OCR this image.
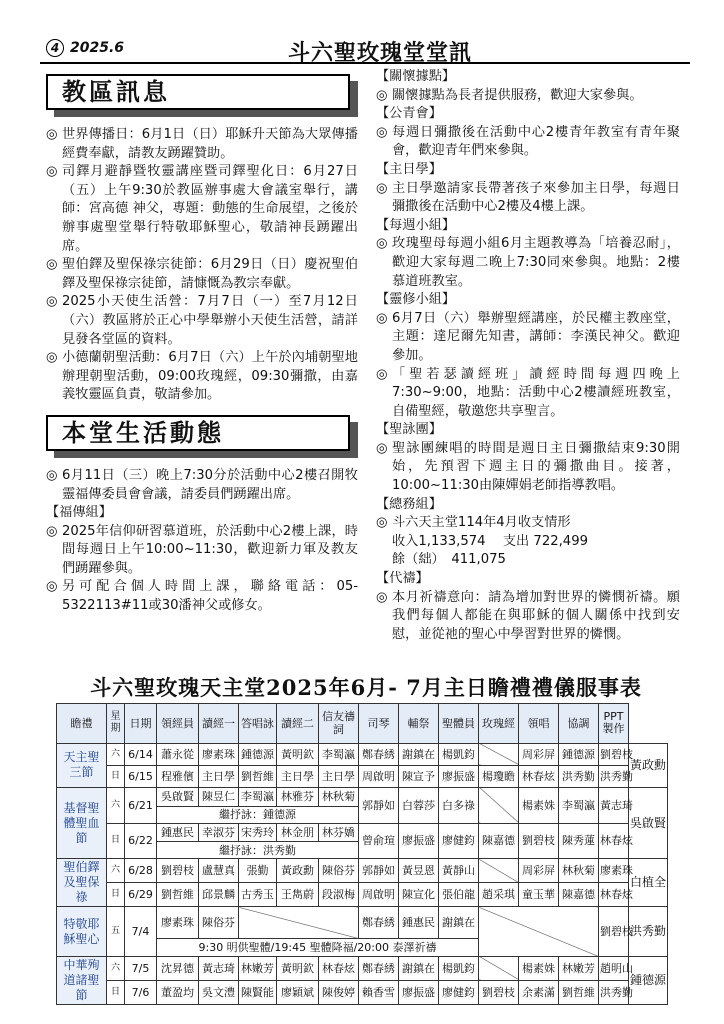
4 2025.6	斗六聖玫瑰堂堂訊
教區訊息
◎ 世界傳播日：6月1日（日）耶穌升天節為大眾傳播經費奉獻，請教友踴躍贊助。
◎ 司鐸月避靜暨牧靈講座暨司鐸聖化日：6月27日（五）上午9:30於教區辦事處大會議室舉行，講師：宮高德 神父，專題：動態的生命展望，之後於辦事處聖堂舉行特敬耶穌聖心，敬請神長踴躍出席。
◎ 聖伯鐸及聖保祿宗徒節：6月29日（日）慶祝聖伯鐸及聖保祿宗徒節，請慷慨為教宗奉獻。
◎ 2025小天使生活營：7月7日（一）至7月12日（六）教區將於正心中學舉辦小天使生活營，請詳見發各堂區的資料。
◎ 小德蘭朝聖活動：6月7日（六）上午於內埔朝聖地辦理朝聖活動，09:00玫瑰經，09:30彌撒，由嘉義牧靈區負責，敬請參加。
本堂生活動態
◎ 6月11日（三）晚上7:30分於活動中心2樓召開牧靈福傳委員會會議，請委員們踴躍出席。
【福傳組】
◎ 2025年信仰研習慕道班，於活動中心2樓上課，時間每週日上午10:00~11:30，歡迎新力軍及教友們踴躍參與。
◎ 另可配合個人時間上課，聯絡電話：05-5322113#11或30潘神父或修女。
【關懷據點】
◎ 關懷據點為長者提供服務，歡迎大家參與。
【公青會】
◎ 每週日彌撒後在活動中心2樓青年教室有青年聚會，歡迎青年們來參與。
【主日學】
◎ 主日學邀請家長帶著孩子來參加主日學，每週日彌撒後在活動中心2樓及4樓上課。
【每週小組】
◎ 玫瑰聖母每週小組6月主題教導為「培養忍耐」，歡迎大家每週二晚上7:30同來參與。地點：2樓慕道班教室。
【靈修小組】
◎ 6月7日（六）舉辦聖經講座，於民權主教座堂，主題：達尼爾先知書，講師：李漢民神父。歡迎參加。
◎ 「聖若瑟讀經班」讀經時間每週四晚上7:30~9:00，地點：活動中心2樓讀經班教室，自備聖經，敬邀您共享聖言。
【聖詠團】
◎ 聖詠團練唱的時間是週日主日彌撒結束9:30開始，先預習下週主日的彌撒曲目。接著，10:00~11:30由陳嬋娟老師指導教唱。
【總務組】
◎ 斗六天主堂114年4月收支情形
收入1,133,574　 支出 722,499
餘（絀）　411,075
【代禱】
◎ 本月祈禱意向：請為增加對世界的憐憫祈禱。願我們每個人都能在與耶穌的個人關係中找到安慰，並從祂的聖心中學習對世界的憐憫。
斗六聖玫瑰天主堂2025年6月- 7月主日瞻禮禮儀服事表
瞻禮	星期	日期	領經員	讀經一	答唱詠	讀經二	信友禱詞	司琴	輔祭	聖體員	玫瑰經	領唱	協調	PPT製作	
天主聖三節	六	6/14	蕭永從	廖素珠	鍾德源	黃明欽	李蜀瀛	鄭春綉	謝鎮在	楊凱鈞		周彩屏	鍾德源	劉碧枝	黃政勳
	日	6/15	程雅儐	主日學	劉哲維	主日學	主日學	周啟明	陳宣予	廖振盛	楊瓊瞻	林春炫	洪秀勤	洪秀勤	
基督聖體聖血節	六	6/21	吳啟賢	陳昱仁	李蜀瀛	林雅芬	林秋菊	郭靜如	白蓉莎	白多祿		楊素姝	李蜀瀛	黃志琦	吳啟賢
			繼抒詠：鍾德源												
	日	6/22	鍾惠民	幸淑芬	宋秀玲	林金朋	林芬嬌	曾俞瑄	廖振盛	廖健鈞	陳嘉德	劉碧枝	陳秀蓮	林春炫	
			繼抒詠：洪秀勤												
聖伯鐸及聖保祿	六	6/28	劉碧枝	盧慧真	張勤	黃政勳	陳俗芬	郭靜如	黃昱恩	黃靜山		周彩屏	林秋菊	廖素珠	白植全
	日	6/29	劉哲維	邱景麟	古秀玉	王雋蔚	段淑梅	周啟明	陳宣化	張伯龍	趙采琪	童玉華	陳嘉德	林春炫	
特敬耶穌聖心	五	7/4	廖素珠	陳俗芬				鄭春綉	鍾惠民	謝鎮在				劉碧枝	洪秀勤
			9:30 明供聖體/19:45 聖體降福/20:00 泰澤祈禱												
中華殉道諸聖節	六	7/5	沈昇德	黃志琦	林嫩芳	黃明欽	林春炫	鄭春綉	謝鎮在	楊凱鈞		楊素姝	林嫩芳	趙明山	鍾德源
	日	7/6	董盈均	吳文澧	陳賢能	廖穎斌	陳俊婷	賴香雪	廖振盛	廖健鈞	劉碧枝	余素滿	劉哲維	洪秀勤	
